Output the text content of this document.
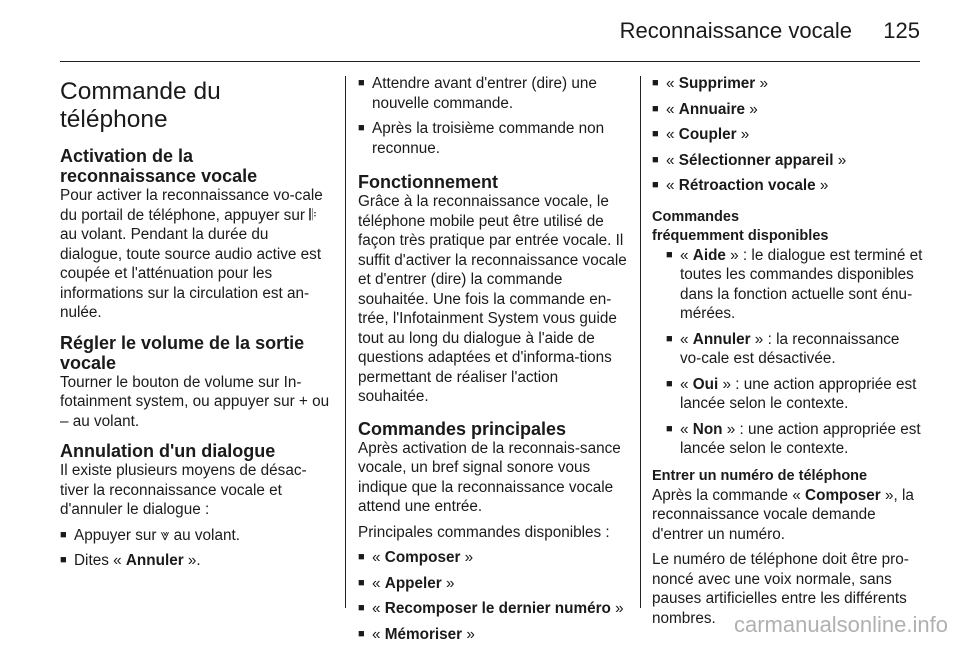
Reconnaissance vocale 125
Commande du téléphone
Activation de la reconnaissance vocale

Pour activer la reconnaissance vo-cale du portail de téléphone, appuyer sur 𝄆 au volant. Pendant la durée du dialogue, toute source audio active est coupée et l'atténuation pour les informations sur la circulation est an-nulée.

Régler le volume de la sortie vocale

Tourner le bouton de volume sur In-fotainment system, ou appuyer sur + ou – au volant.

Annulation d'un dialogue

Il existe plusieurs moyens de désac-tiver la reconnaissance vocale et d'annuler le dialogue :

■ Appuyer sur ⩔ au volant.
■ Dites « Annuler ».
■ Attendre avant d'entrer (dire) une nouvelle commande.
■ Après la troisième commande non reconnue.
Fonctionnement

Grâce à la reconnaissance vocale, le téléphone mobile peut être utilisé de façon très pratique par entrée vocale. Il suffit d'activer la reconnaissance vocale et d'entrer (dire) la commande souhaitée. Une fois la commande en-trée, l'Infotainment System vous guide tout au long du dialogue à l'aide de questions adaptées et d'informa-tions permettant de réaliser l'action souhaitée.

Commandes principales

Après activation de la reconnais-sance vocale, un bref signal sonore vous indique que la reconnaissance vocale attend une entrée.

Principales commandes disponibles :

■ « Composer »
■ « Appeler »
■ « Recomposer le dernier numéro »
■ « Mémoriser »
■ « Supprimer »
■ « Annuaire »
■ « Coupler »
■ « Sélectionner appareil »
■ « Rétroaction vocale »
Commandes fréquemment disponibles
■ « Aide » : le dialogue est terminé et toutes les commandes disponibles dans la fonction actuelle sont énu-mérées.
■ « Annuler » : la reconnaissance vo-cale est désactivée.
■ « Oui » : une action appropriée est lancée selon le contexte.
■ « Non » : une action appropriée est lancée selon le contexte.
Entrer un numéro de téléphone

Après la commande « Composer », la reconnaissance vocale demande d'entrer un numéro.

Le numéro de téléphone doit être pro-noncé avec une voix normale, sans pauses artificielles entre les différents nombres. carmanualsonline.info
